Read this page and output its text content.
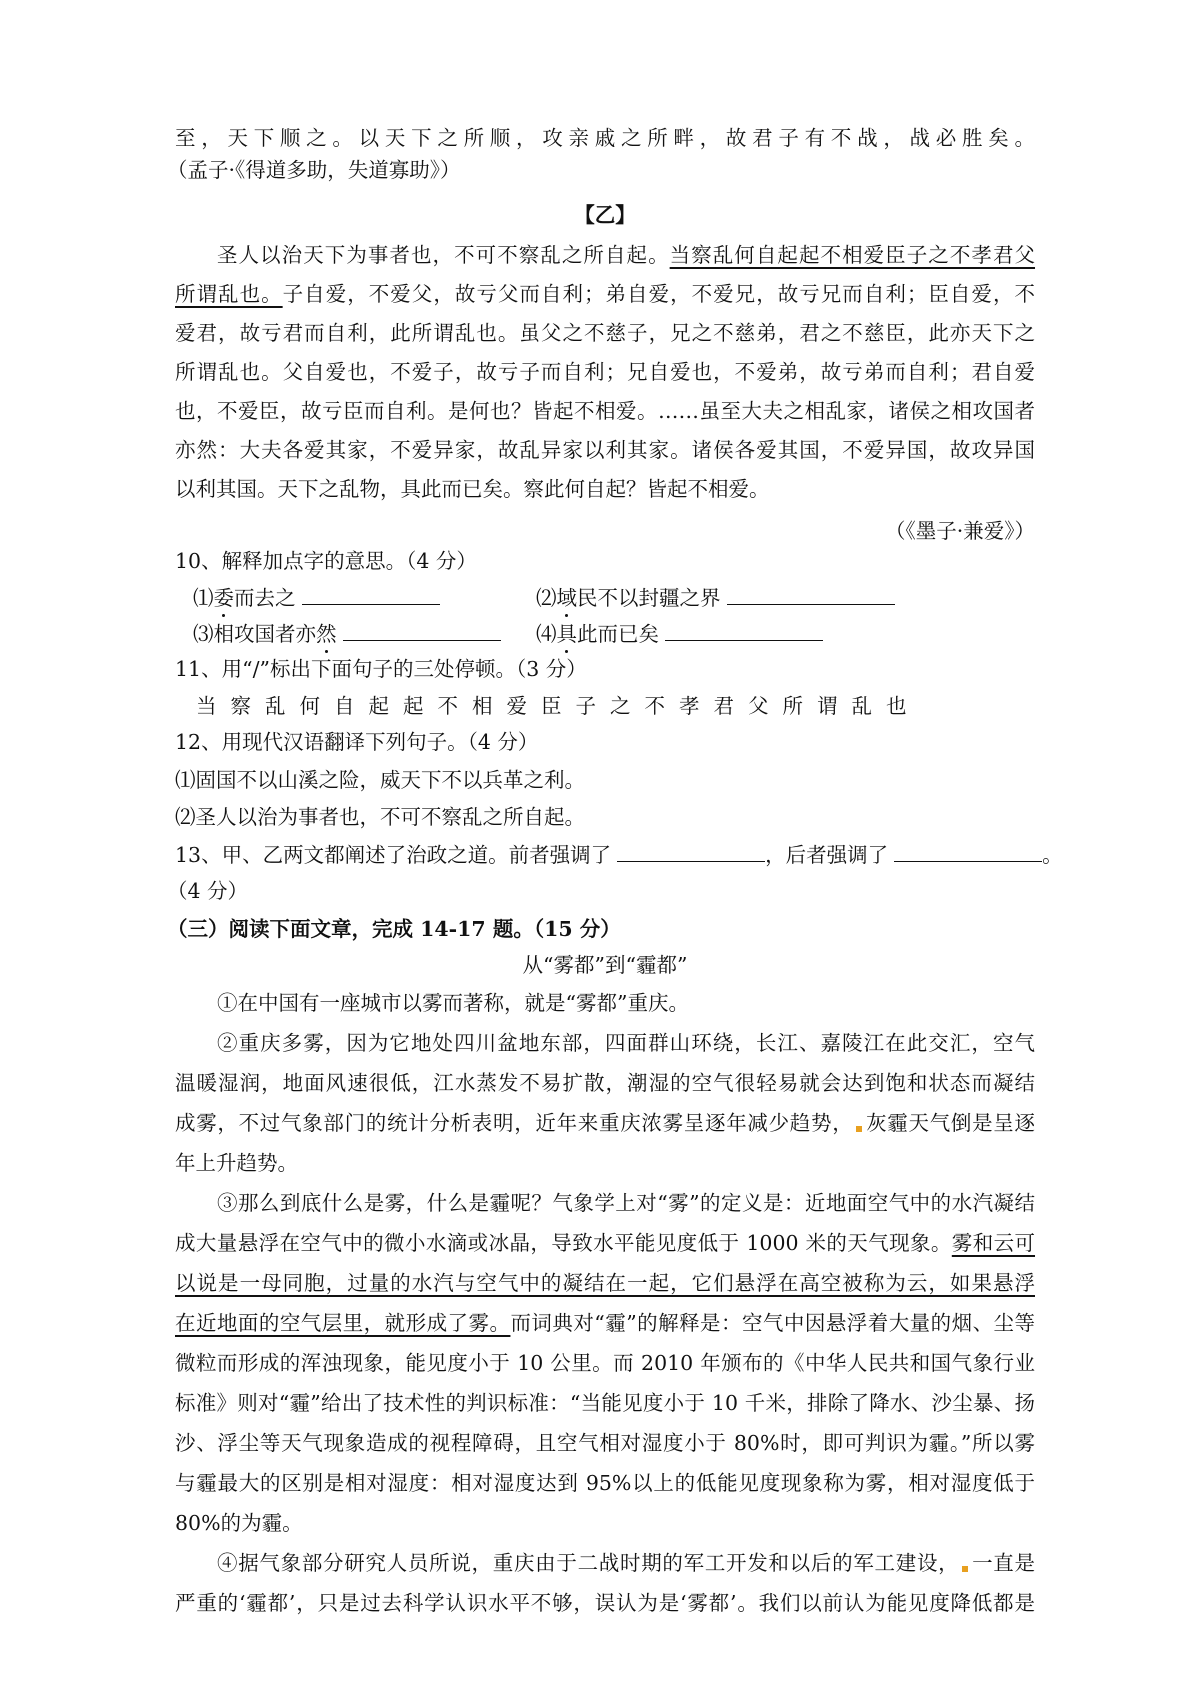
至，天下顺之。以天下之所顺，攻亲戚之所畔，故君子有不战，战必胜矣。
（孟子·《得道多助，失道寡助》）
【乙】
圣人以治天下为事者也，不可不察乱之所自起。当察乱何自起起不相爱臣子之不孝君父
所谓乱也。子自爱，不爱父，故亏父而自利；弟自爱，不爱兄，故亏兄而自利；臣自爱，不
爱君，故亏君而自利，此所谓乱也。虽父之不慈子，兄之不慈弟，君之不慈臣，此亦天下之
所谓乱也。父自爱也，不爱子，故亏子而自利；兄自爱也，不爱弟，故亏弟而自利；君自爱
也，不爱臣，故亏臣而自利。是何也？皆起不相爱。……虽至大夫之相乱家，诸侯之相攻国者
亦然：大夫各爱其家，不爱异家，故乱异家以利其家。诸侯各爱其国，不爱异国，故攻异国
以利其国。天下之乱物，具此而已矣。察此何自起？皆起不相爱。
（《墨子·兼爱》）
10、解释加点字的意思。（4 分）
⑴委而去之	⑵域民不以封疆之界
⑶相攻国者亦然	⑷具此而已矣
11、用“/”标出下面句子的三处停顿。（3 分）
当察乱何自起起不相爱臣子之不孝君父所谓乱也
12、用现代汉语翻译下列句子。（4 分）
⑴固国不以山溪之险，威天下不以兵革之利。
⑵圣人以治为事者也，不可不察乱之所自起。
13、甲、乙两文都阐述了治政之道。前者强调了	，后者强调了	。
（4 分）
（三）阅读下面文章，完成 14-17 题。（15 分）
从“雾都”到“霾都”
①在中国有一座城市以雾而著称，就是“雾都”重庆。
②重庆多雾，因为它地处四川盆地东部，四面群山环绕，长江、嘉陵江在此交汇，空气
温暖湿润，地面风速很低，江水蒸发不易扩散，潮湿的空气很轻易就会达到饱和状态而凝结
成雾，不过气象部门的统计分析表明，近年来重庆浓雾呈逐年减少趋势， 灰霾天气倒是呈逐
年上升趋势。
③那么到底什么是雾，什么是霾呢？气象学上对“雾”的定义是：近地面空气中的水汽凝结
成大量悬浮在空气中的微小水滴或冰晶，导致水平能见度低于 1000 米的天气现象。雾和云可
以说是一母同胞，过量的水汽与空气中的凝结在一起，它们悬浮在高空被称为云，如果悬浮
在近地面的空气层里，就形成了雾。而词典对“霾”的解释是：空气中因悬浮着大量的烟、尘等
微粒而形成的浑浊现象，能见度小于 10 公里。而 2010 年颁布的《中华人民共和国气象行业
标准》则对“霾”给出了技术性的判识标准：“当能见度小于 10 千米，排除了降水、沙尘暴、扬
沙、浮尘等天气现象造成的视程障碍，且空气相对湿度小于 80%时，即可判识为霾。”所以雾
与霾最大的区别是相对湿度：相对湿度达到 95%以上的低能见度现象称为雾，相对湿度低于
80%的为霾。
④据气象部分研究人员所说，重庆由于二战时期的军工开发和以后的军工建设， 一直是
严重的‘霾都’，只是过去科学认识水平不够，误认为是‘雾都’。我们以前认为能见度降低都是
